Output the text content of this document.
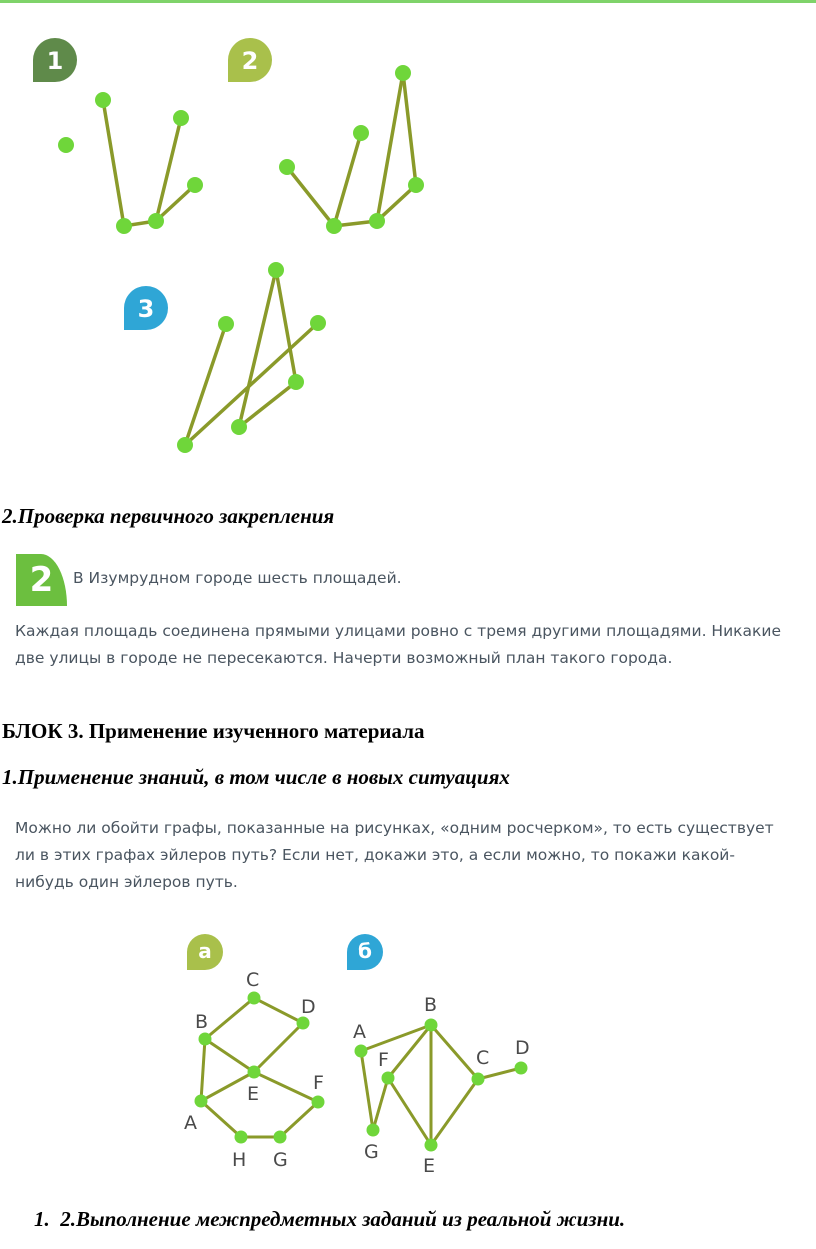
1	2
3
2.Проверка первичного закрепления
2	В Изумрудном городе шесть площадей.
Каждая площадь соединена прямыми улицами ровно с тремя другими площадями. Никакие две улицы в городе не пересекаются. Начерти возможный план такого города.
БЛОК 3. Применение изученного материала
1.Применение знаний, в том числе в новых ситуациях
Можно ли обойти графы, показанные на рисунках, «одним росчерком», то есть существует ли в этих графах эйлеров путь? Если нет, докажи это, а если можно, то покажи какой-нибудь один эйлеров путь.
а	б
C
D
B
E	F
A
H G
B
A
F	C D
G
E
1. 2.Выполнение межпредметных заданий из реальной жизни.
